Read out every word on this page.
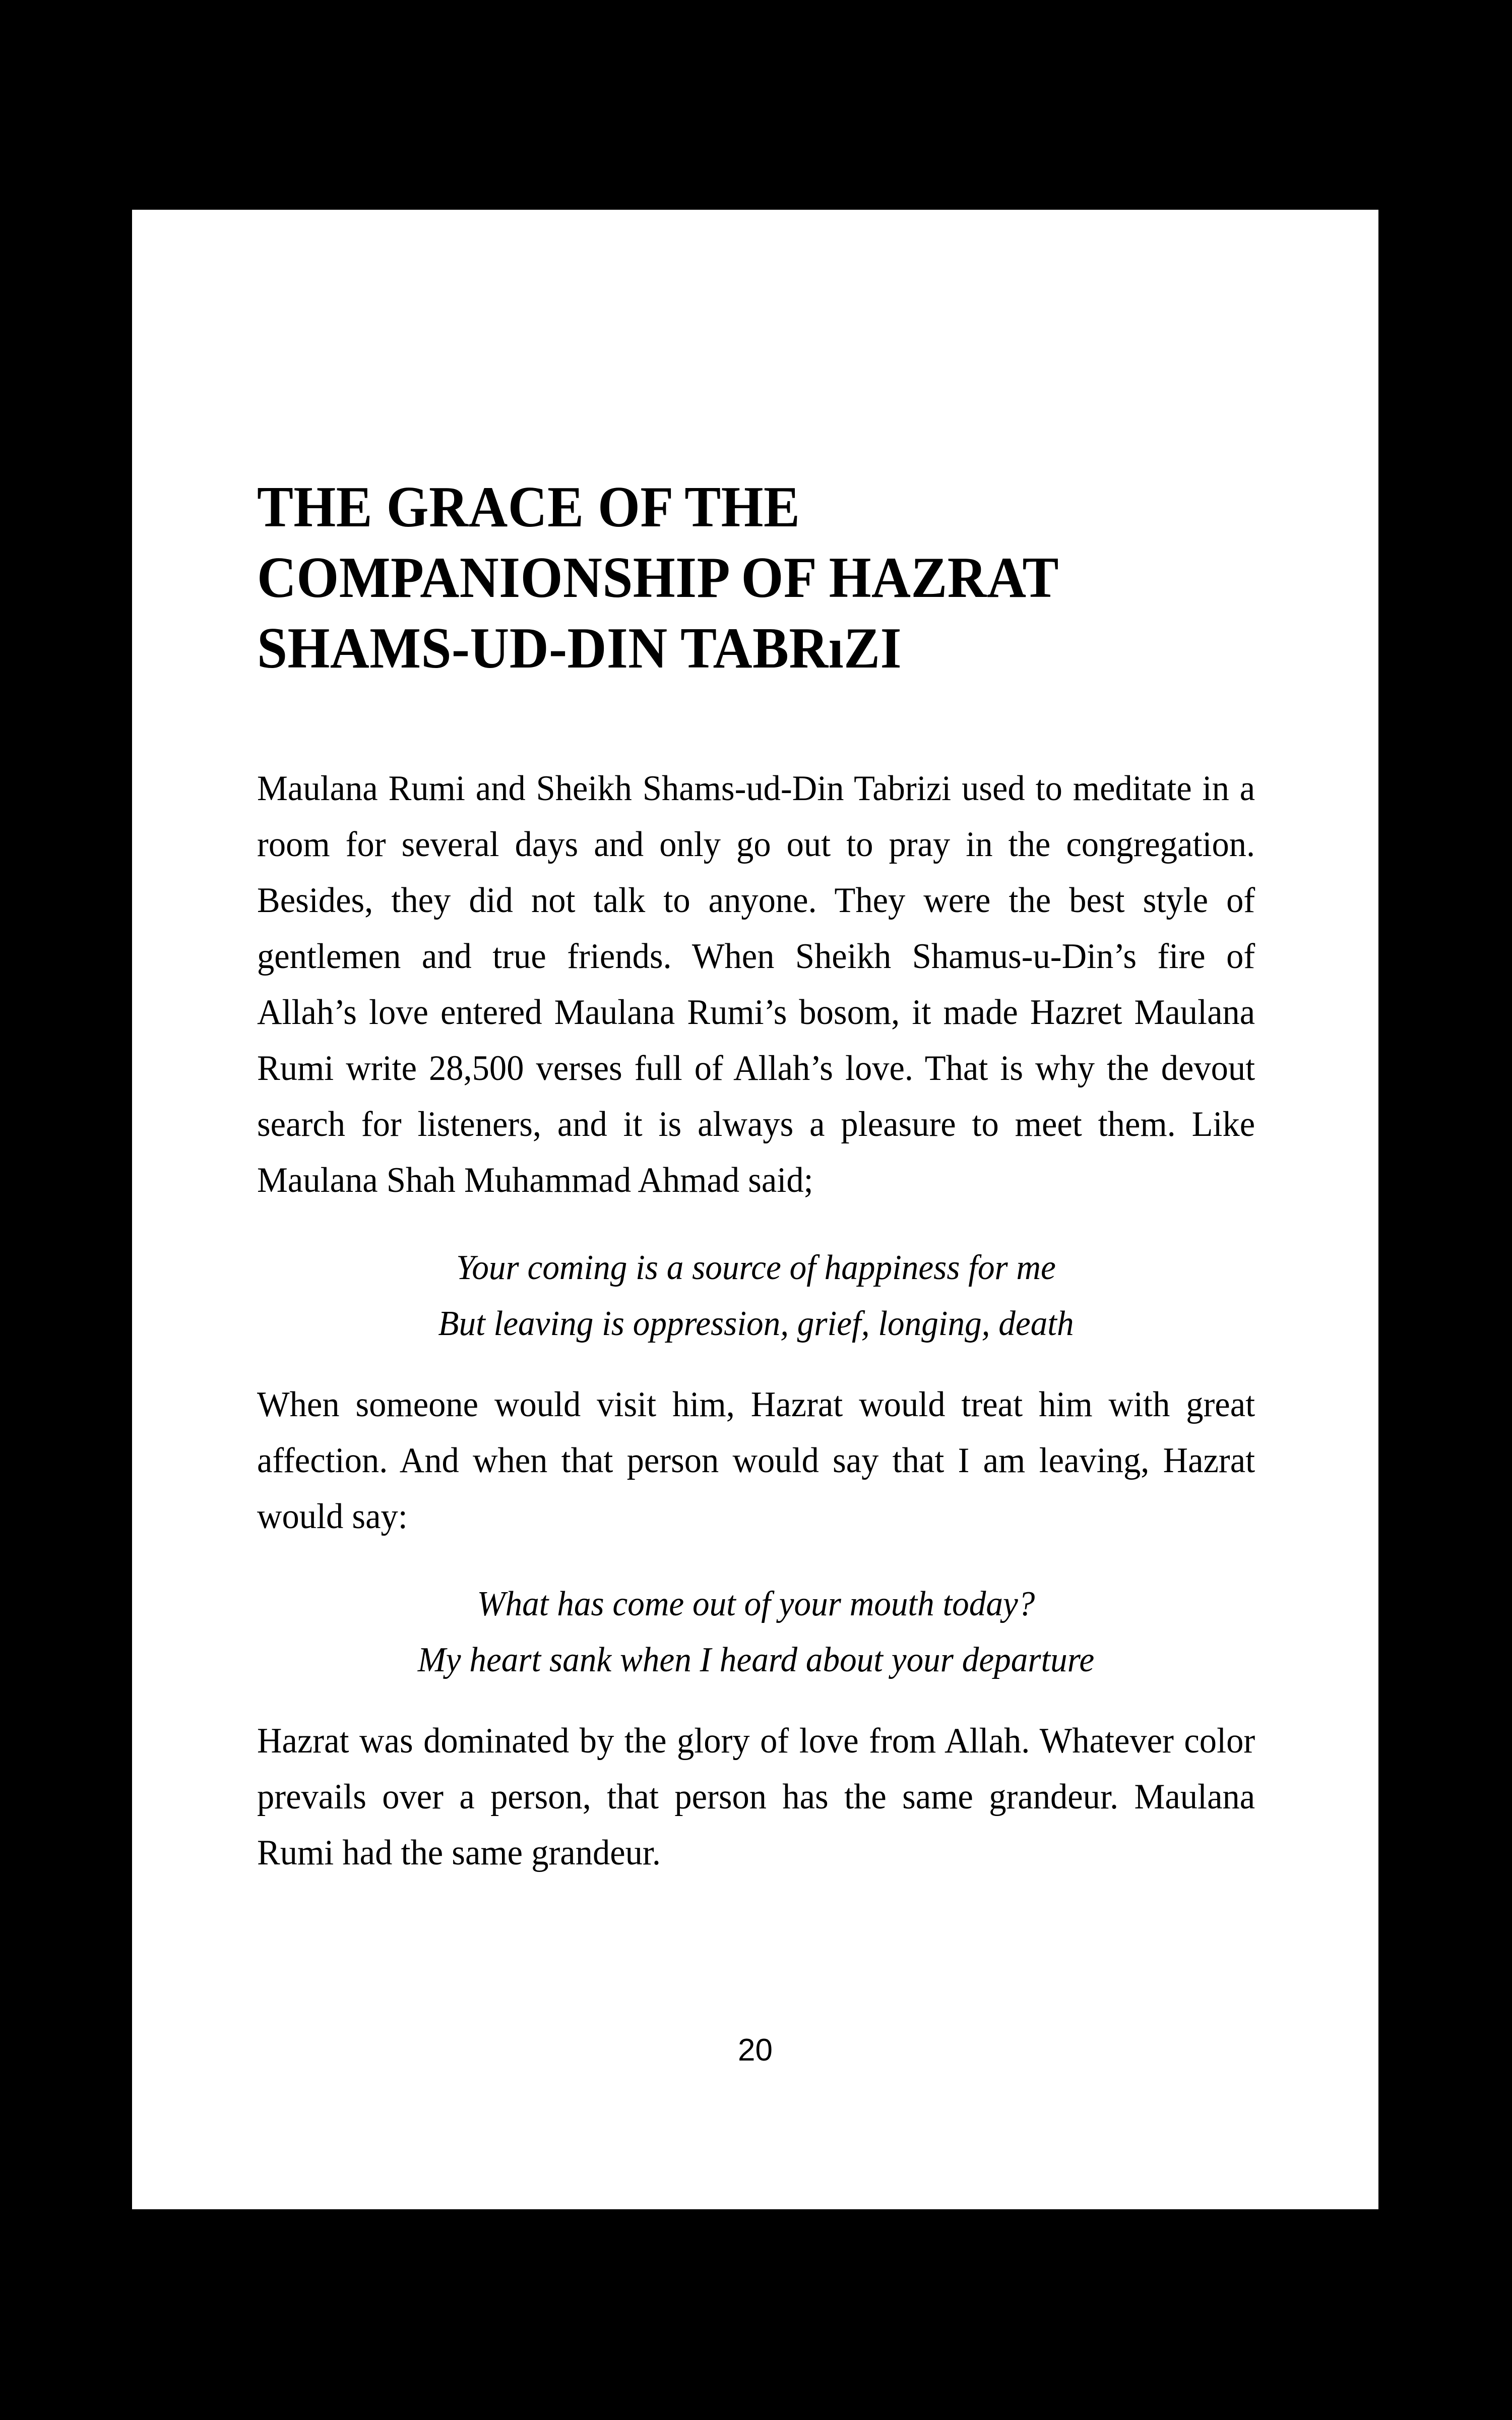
THE GRACE OF THE COMPANIONSHIP OF HAZRAT SHAMS-UD-DIN TABRıZI

Maulana Rumi and Sheikh Shams-ud-Din Tabrizi used to meditate in a room for several days and only go out to pray in the congregation. Besides, they did not talk to anyone. They were the best style of gentlemen and true friends. When Sheikh Shamus-u-Din’s fire of Allah’s love entered Maulana Rumi’s bosom, it made Hazret Maulana Rumi write 28,500 verses full of Allah’s love. That is why the devout search for listeners, and it is always a pleasure to meet them. Like Maulana Shah Muhammad Ahmad said;

Your coming is a source of happiness for me
But leaving is oppression, grief, longing, death

When someone would visit him, Hazrat would treat him with great affection. And when that person would say that I am leaving, Hazrat would say:

What has come out of your mouth today?
My heart sank when I heard about your departure

Hazrat was dominated by the glory of love from Allah. Whatever color prevails over a person, that person has the same grandeur. Maulana Rumi had the same grandeur.

20
